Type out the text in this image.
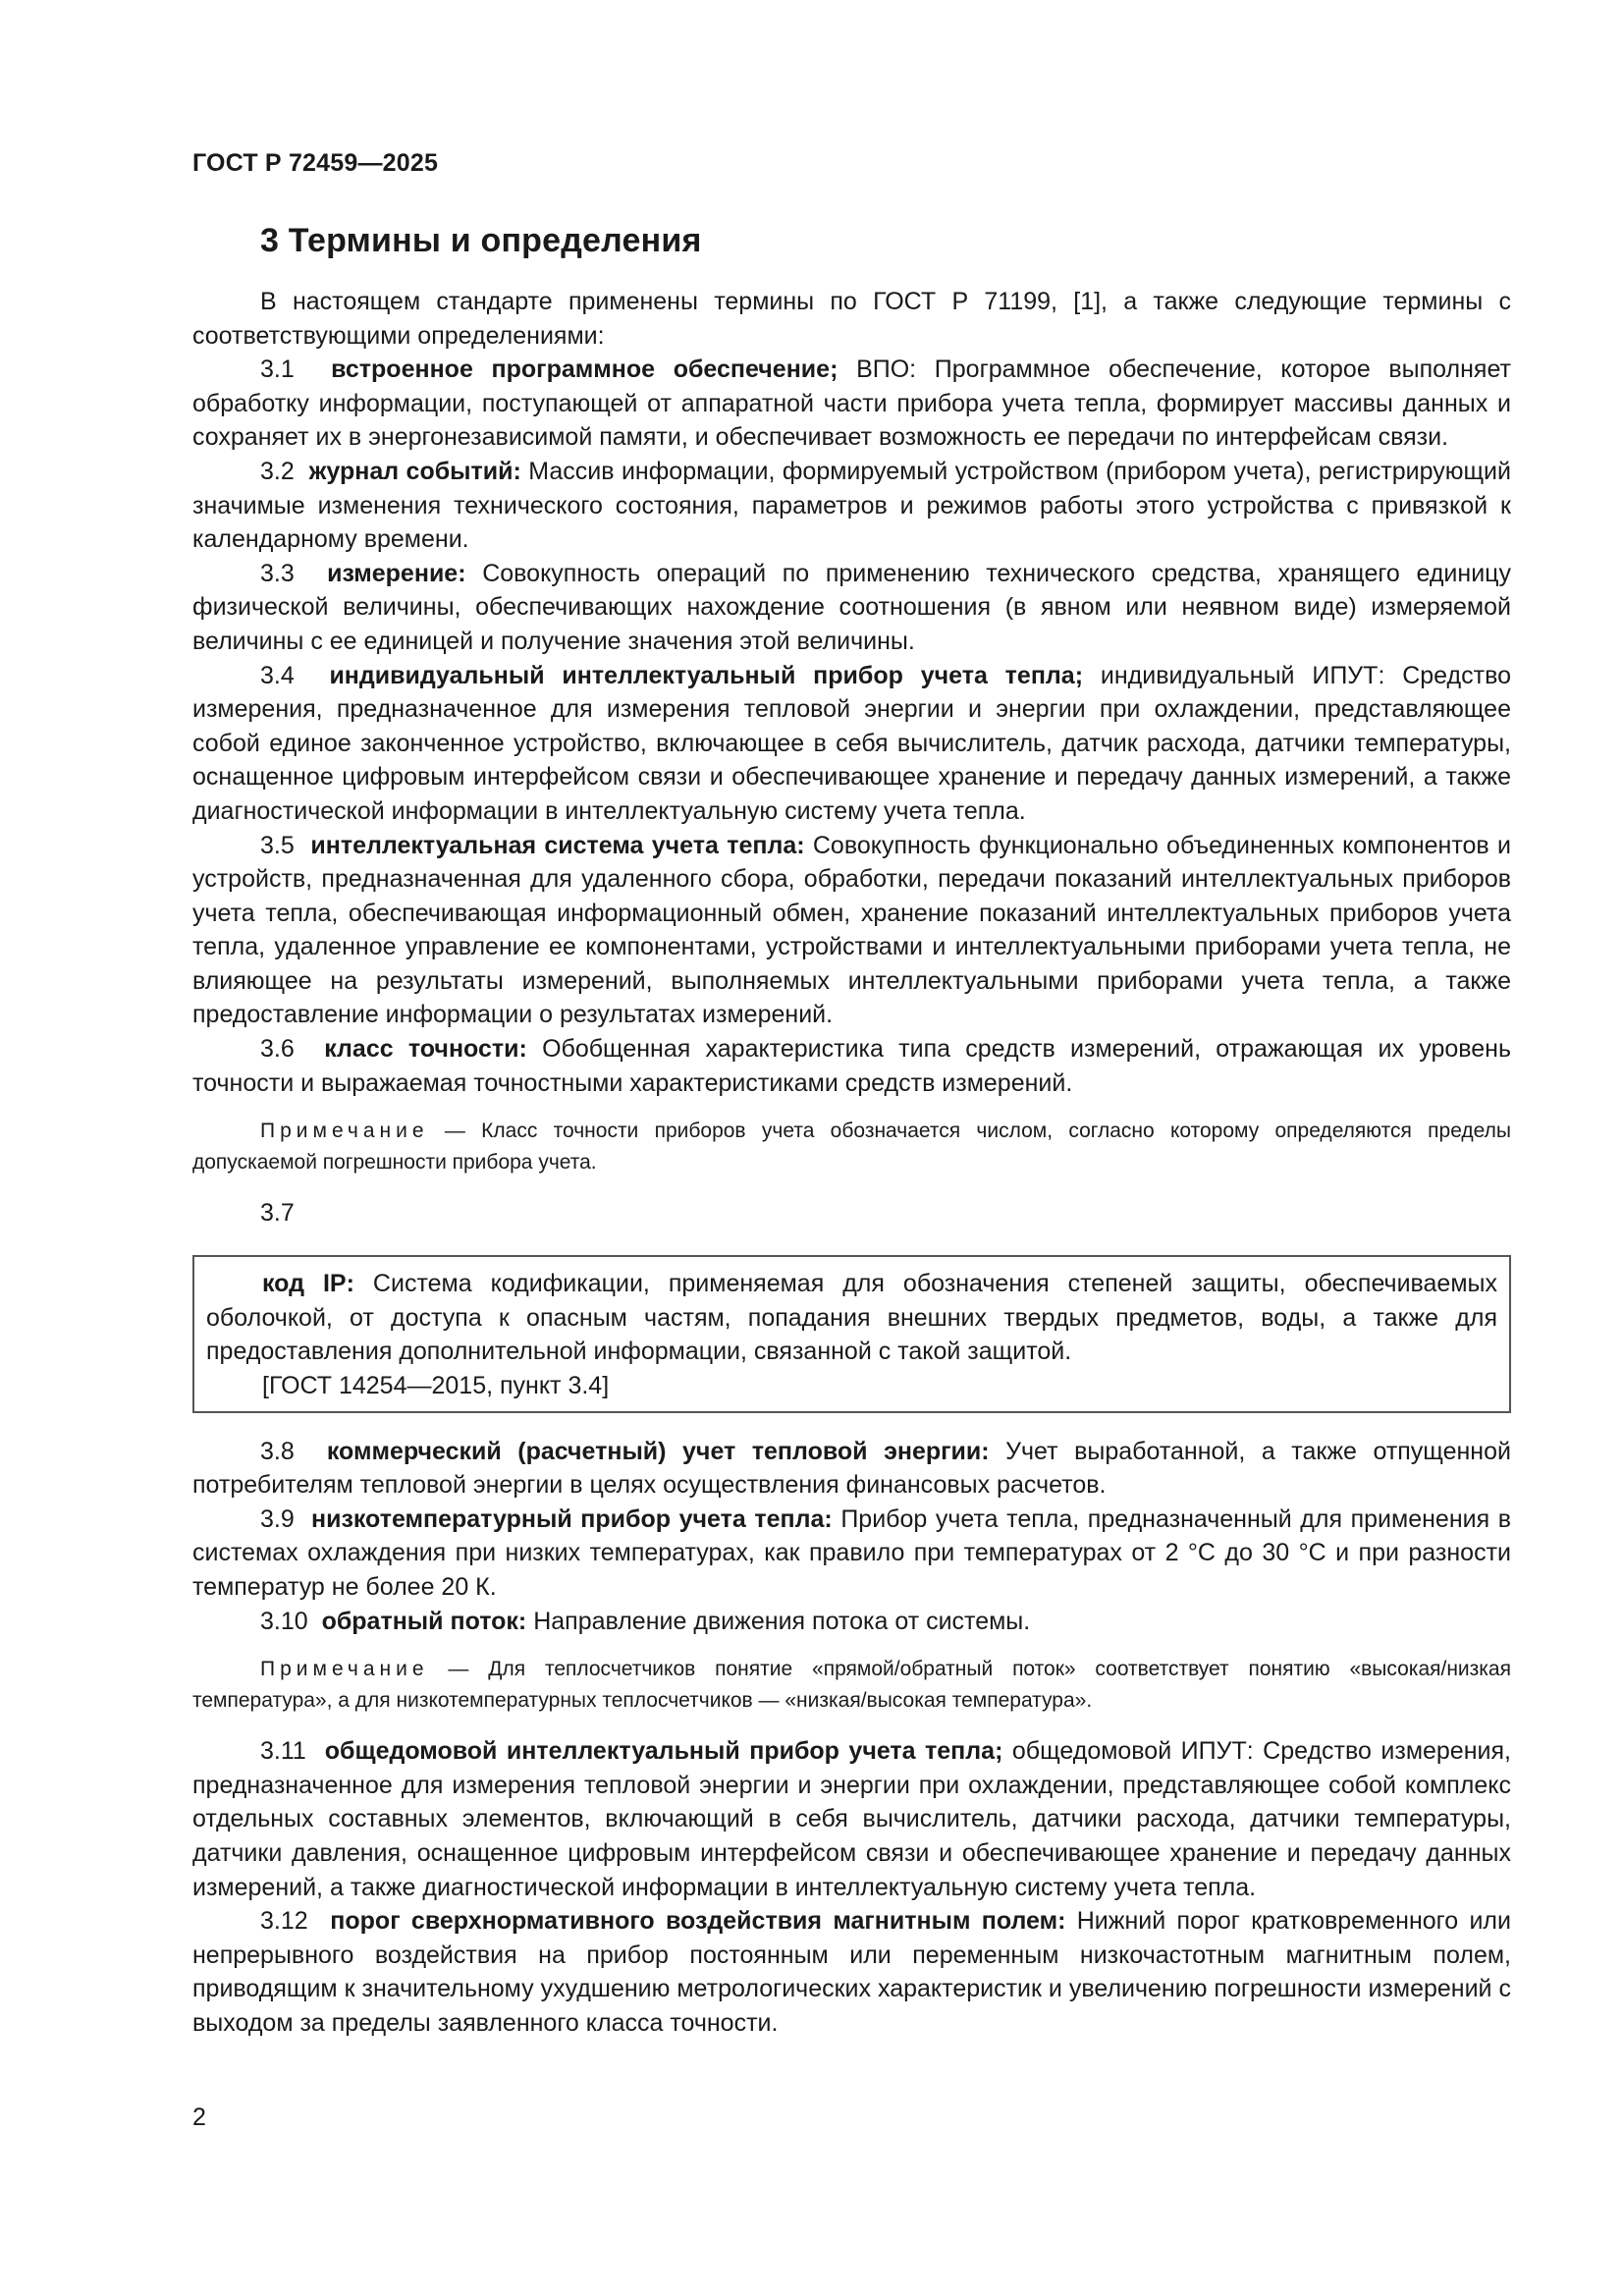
ГОСТ Р 72459—2025
3 Термины и определения

В настоящем стандарте применены термины по ГОСТ Р 71199, [1], а также следующие термины с соответствующими определениями:

3.1 встроенное программное обеспечение; ВПО: Программное обеспечение, которое выполняет обработку информации, поступающей от аппаратной части прибора учета тепла, формирует массивы данных и сохраняет их в энергонезависимой памяти, и обеспечивает возможность ее передачи по интерфейсам связи.

3.2 журнал событий: Массив информации, формируемый устройством (прибором учета), регистрирующий значимые изменения технического состояния, параметров и режимов работы этого устройства с привязкой к календарному времени.

3.3 измерение: Совокупность операций по применению технического средства, хранящего единицу физической величины, обеспечивающих нахождение соотношения (в явном или неявном виде) измеряемой величины с ее единицей и получение значения этой величины.

3.4 индивидуальный интеллектуальный прибор учета тепла; индивидуальный ИПУТ: Средство измерения, предназначенное для измерения тепловой энергии и энергии при охлаждении, представляющее собой единое законченное устройство, включающее в себя вычислитель, датчик расхода, датчики температуры, оснащенное цифровым интерфейсом связи и обеспечивающее хранение и передачу данных измерений, а также диагностической информации в интеллектуальную систему учета тепла.

3.5 интеллектуальная система учета тепла: Совокупность функционально объединенных компонентов и устройств, предназначенная для удаленного сбора, обработки, передачи показаний интеллектуальных приборов учета тепла, обеспечивающая информационный обмен, хранение показаний интеллектуальных приборов учета тепла, удаленное управление ее компонентами, устройствами и интеллектуальными приборами учета тепла, не влияющее на результаты измерений, выполняемых интеллектуальными приборами учета тепла, а также предоставление информации о результатах измерений.

3.6 класс точности: Обобщенная характеристика типа средств измерений, отражающая их уровень точности и выражаемая точностными характеристиками средств измерений.

Примечание — Класс точности приборов учета обозначается числом, согласно которому определяются пределы допускаемой погрешности прибора учета.

3.7

код IP: Система кодификации, применяемая для обозначения степеней защиты, обеспечиваемых оболочкой, от доступа к опасным частям, попадания внешних твердых предметов, воды, а также для предоставления дополнительной информации, связанной с такой защитой.

[ГОСТ 14254—2015, пункт 3.4]

3.8 коммерческий (расчетный) учет тепловой энергии: Учет выработанной, а также отпущенной потребителям тепловой энергии в целях осуществления финансовых расчетов.

3.9 низкотемпературный прибор учета тепла: Прибор учета тепла, предназначенный для применения в системах охлаждения при низких температурах, как правило при температурах от 2 °С до 30 °С и при разности температур не более 20 К.

3.10 обратный поток: Направление движения потока от системы.

Примечание — Для теплосчетчиков понятие «прямой/обратный поток» соответствует понятию «высокая/низкая температура», а для низкотемпературных теплосчетчиков — «низкая/высокая температура».

3.11 общедомовой интеллектуальный прибор учета тепла; общедомовой ИПУТ: Средство измерения, предназначенное для измерения тепловой энергии и энергии при охлаждении, представляющее собой комплекс отдельных составных элементов, включающий в себя вычислитель, датчики расхода, датчики температуры, датчики давления, оснащенное цифровым интерфейсом связи и обеспечивающее хранение и передачу данных измерений, а также диагностической информации в интеллектуальную систему учета тепла.

3.12 порог сверхнормативного воздействия магнитным полем: Нижний порог кратковременного или непрерывного воздействия на прибор постоянным или переменным низкочастотным магнитным полем, приводящим к значительному ухудшению метрологических характеристик и увеличению погрешности измерений с выходом за пределы заявленного класса точности.

2
